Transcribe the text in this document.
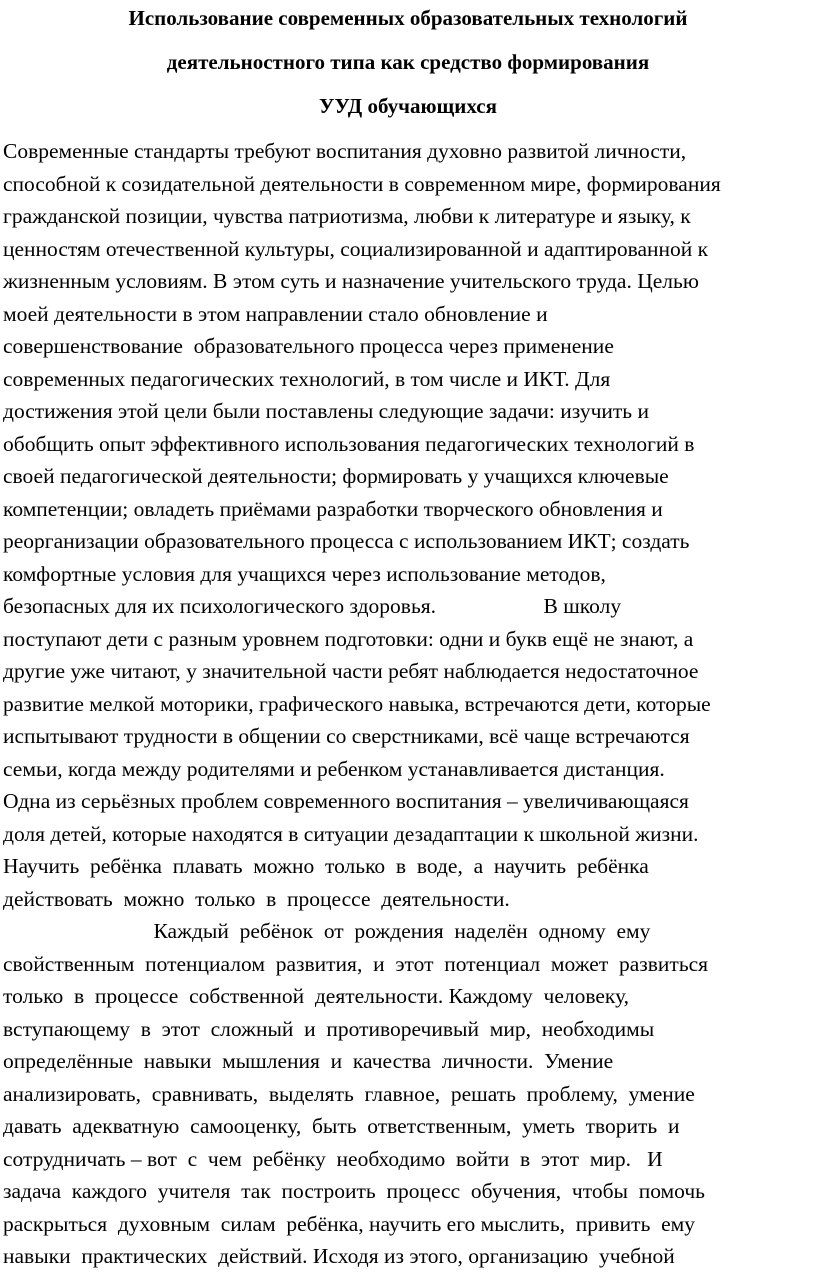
Использование современных образовательных технологий
деятельностного типа как средство формирования
УУД обучающихся
Современные стандарты требуют воспитания духовно развитой личности,
способной к созидательной деятельности в современном мире, формирования
гражданской позиции, чувства патриотизма, любви к литературе и языку, к
ценностям отечественной культуры, социализированной и адаптированной к
жизненным условиям. В этом суть и назначение учительского труда. Целью
моей деятельности в этом направлении стало обновление и
совершенствование  образовательного процесса через применение
современных педагогических технологий, в том числе и ИКТ. Для
достижения этой цели были поставлены следующие задачи: изучить и
обобщить опыт эффективного использования педагогических технологий в
своей педагогической деятельности; формировать у учащихся ключевые
компетенции; овладеть приёмами разработки творческого обновления и
реорганизации образовательного процесса с использованием ИКТ; создать
комфортные условия для учащихся через использование методов,
безопасных для их психологического здоровья.                    В школу
поступают дети с разным уровнем подготовки: одни и букв ещё не знают, а
другие уже читают, у значительной части ребят наблюдается недостаточное
развитие мелкой моторики, графического навыка, встречаются дети, которые
испытывают трудности в общении со сверстниками, всё чаще встречаются
семьи, когда между родителями и ребенком устанавливается дистанция.
Одна из серьёзных проблем современного воспитания – увеличивающаяся
доля детей, которые находятся в ситуации дезадаптации к школьной жизни.
Научить  ребёнка  плавать  можно  только  в  воде,  а  научить  ребёнка
действовать  можно  только  в  процессе  деятельности.
Каждый  ребёнок  от  рождения  наделён  одному  ему
свойственным  потенциалом  развития,  и  этот  потенциал  может  развиться
только  в  процессе  собственной  деятельности. Каждому  человеку,
вступающему  в  этот  сложный  и  противоречивый  мир,  необходимы
определённые  навыки  мышления  и  качества  личности.  Умение
анализировать,  сравнивать,  выделять  главное,  решать  проблему,  умение
давать  адекватную  самооценку,  быть  ответственным,  уметь  творить  и
сотрудничать – вот  с  чем  ребёнку  необходимо  войти  в  этот  мир.   И
задача  каждого  учителя  так  построить  процесс  обучения,  чтобы  помочь
раскрыться  духовным  силам  ребёнка, научить его мыслить,  привить  ему
навыки  практических  действий. Исходя из этого, организацию  учебной
